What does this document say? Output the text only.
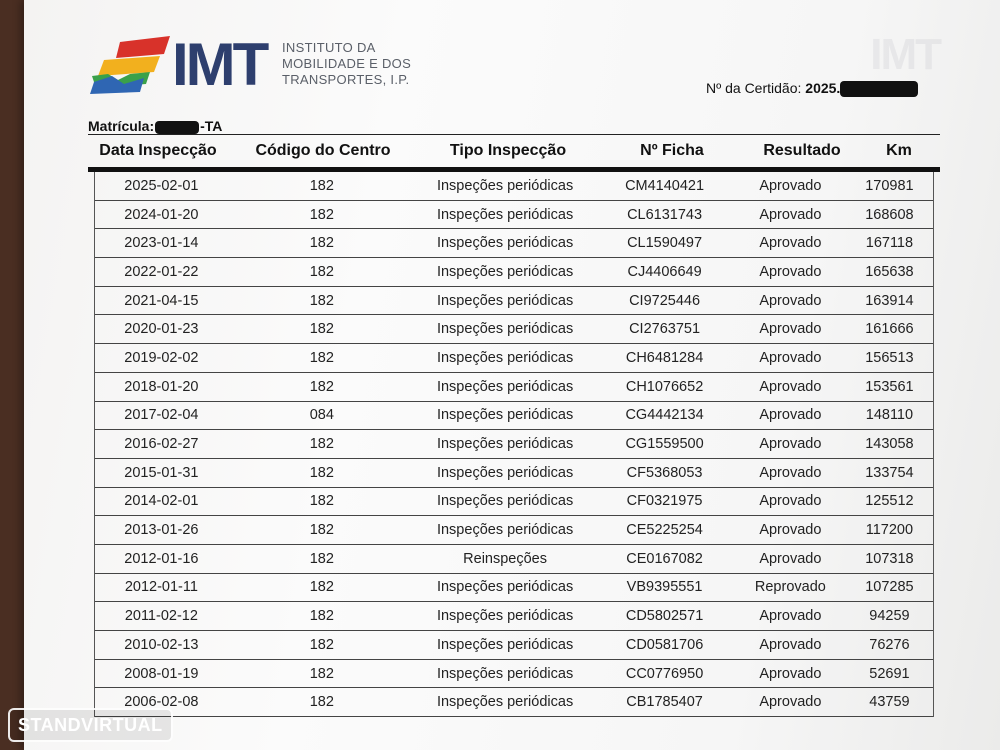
IMT
IMT INSTITUTO DA
MOBILIDADE E DOS
TRANSPORTES, I.P.
Nº da Certidão: 2025.
Matrícula:	-TA
Data Inspecção	Código do Centro	Tipo Inspecção	Nº Ficha	Resultado	Km
2025-02-01	182	Inspeções periódicas	CM4140421	Aprovado	170981
2024-01-20	182	Inspeções periódicas	CL6131743	Aprovado	168608
2023-01-14	182	Inspeções periódicas	CL1590497	Aprovado	167118
2022-01-22	182	Inspeções periódicas	CJ4406649	Aprovado	165638
2021-04-15	182	Inspeções periódicas	CI9725446	Aprovado	163914
2020-01-23	182	Inspeções periódicas	CI2763751	Aprovado	161666
2019-02-02	182	Inspeções periódicas	CH6481284	Aprovado	156513
2018-01-20	182	Inspeções periódicas	CH1076652	Aprovado	153561
2017-02-04	084	Inspeções periódicas	CG4442134	Aprovado	148110
2016-02-27	182	Inspeções periódicas	CG1559500	Aprovado	143058
2015-01-31	182	Inspeções periódicas	CF5368053	Aprovado	133754
2014-02-01	182	Inspeções periódicas	CF0321975	Aprovado	125512
2013-01-26	182	Inspeções periódicas	CE5225254	Aprovado	117200
2012-01-16	182	Reinspeções	CE0167082	Aprovado	107318
2012-01-11	182	Inspeções periódicas	VB9395551	Reprovado	107285
2011-02-12	182	Inspeções periódicas	CD5802571	Aprovado	94259
2010-02-13	182	Inspeções periódicas	CD0581706	Aprovado	76276
2008-01-19	182	Inspeções periódicas	CC0776950	Aprovado	52691
2006-02-08	182	Inspeções periódicas	CB1785407	Aprovado	43759
STANDVIRTUAL
